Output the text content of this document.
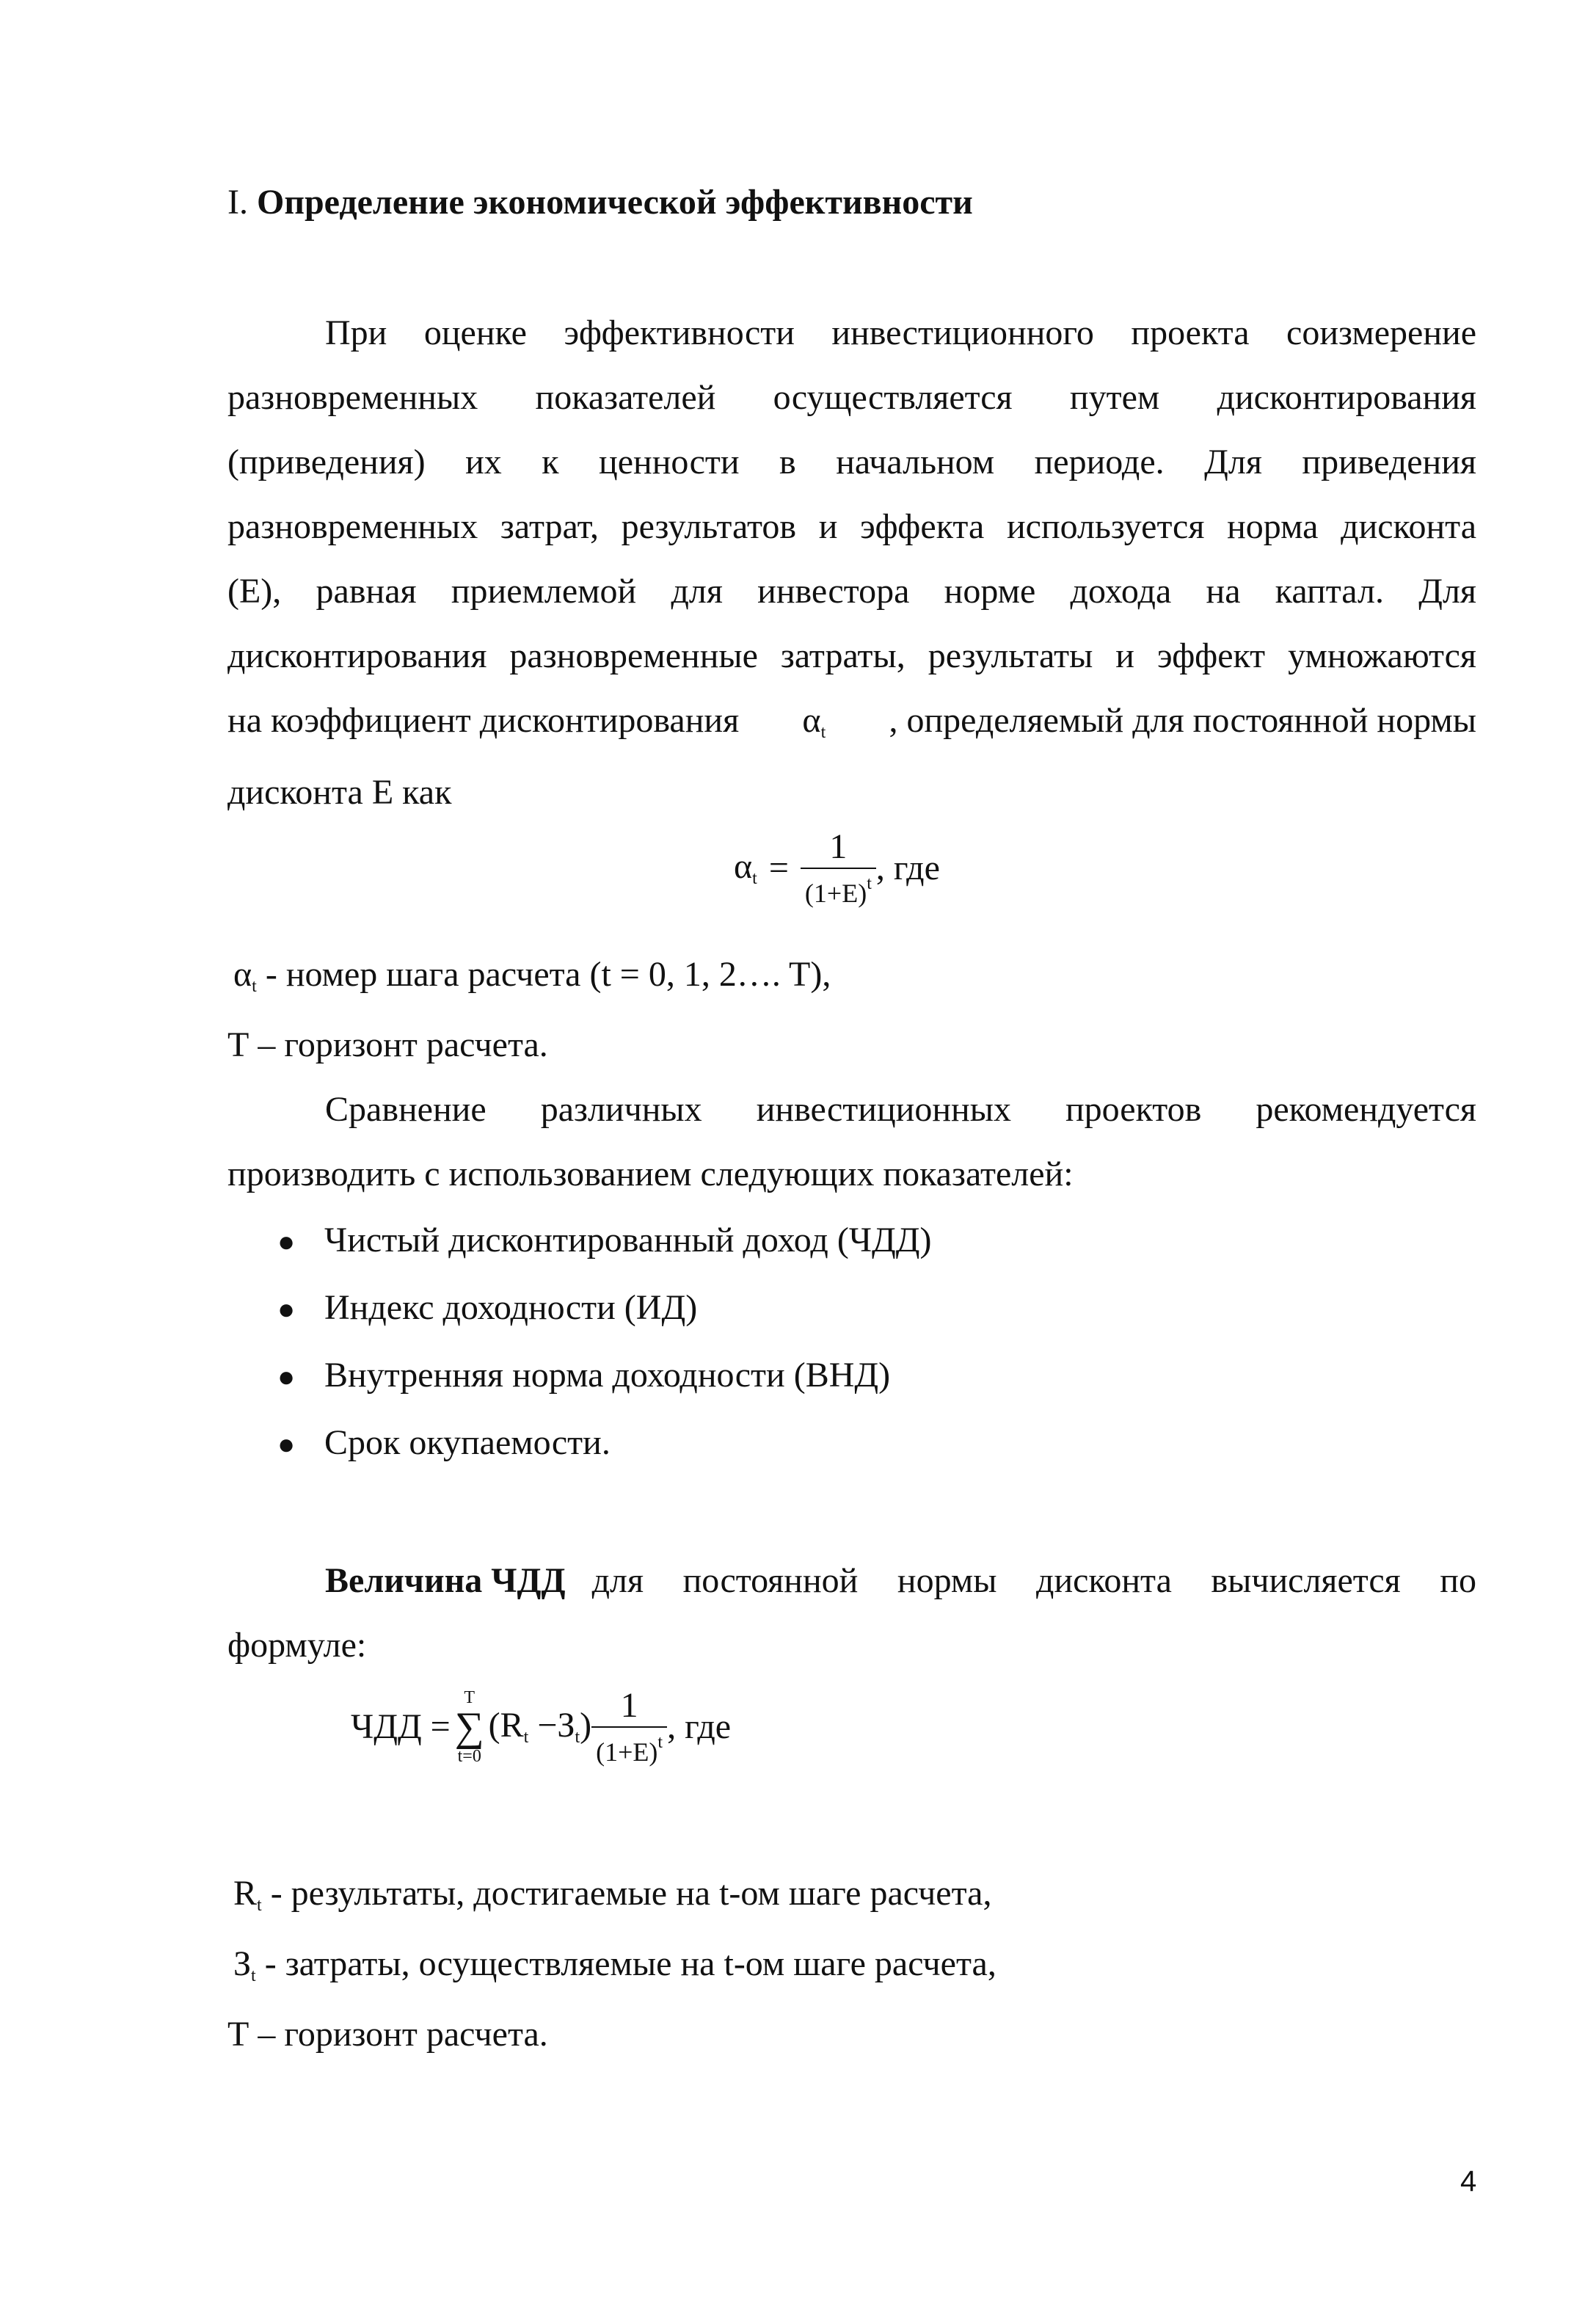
I. Определение экономической эффективности
При оценке эффективности инвестиционного проекта соизмерение
разновременных показателей осуществляется путем дисконтирования
(приведения) их к ценности в начальном периоде. Для приведения
разновременных затрат, результатов и эффекта используется норма дисконта
(Е), равная приемлемой для инвестора норме дохода на каптал. Для
дисконтирования разновременные затраты, результаты и эффект умножаются
на коэффициент дисконтирования $\alpha_t$ , определяемый для постоянной нормы
дисконта Е как
$\alpha_t = \frac{1}{(1+E)^t}$ , где
$\alpha_t$ - номер шага расчета (t = 0, 1, 2…. T),
Т – горизонт расчета.
Сравнение различных инвестиционных проектов рекомендуется
производить с использованием следующих показателей:
● Чистый дисконтированный доход (ЧДД)
● Индекс доходности (ИД)
● Внутренняя норма доходности (ВНД)
● Срок окупаемости.
Величина ЧДД для постоянной нормы дисконта вычисляется по
формуле:
ЧДД =
T
∑
t=0
$(R_t -З_t) \frac{1}{(1+E)^t}$ , где
$R_t$ - результаты, достигаемые на t-ом шаге расчета,
$З_t$ - затраты, осуществляемые на t-ом шаге расчета,
Т – горизонт расчета.
4
